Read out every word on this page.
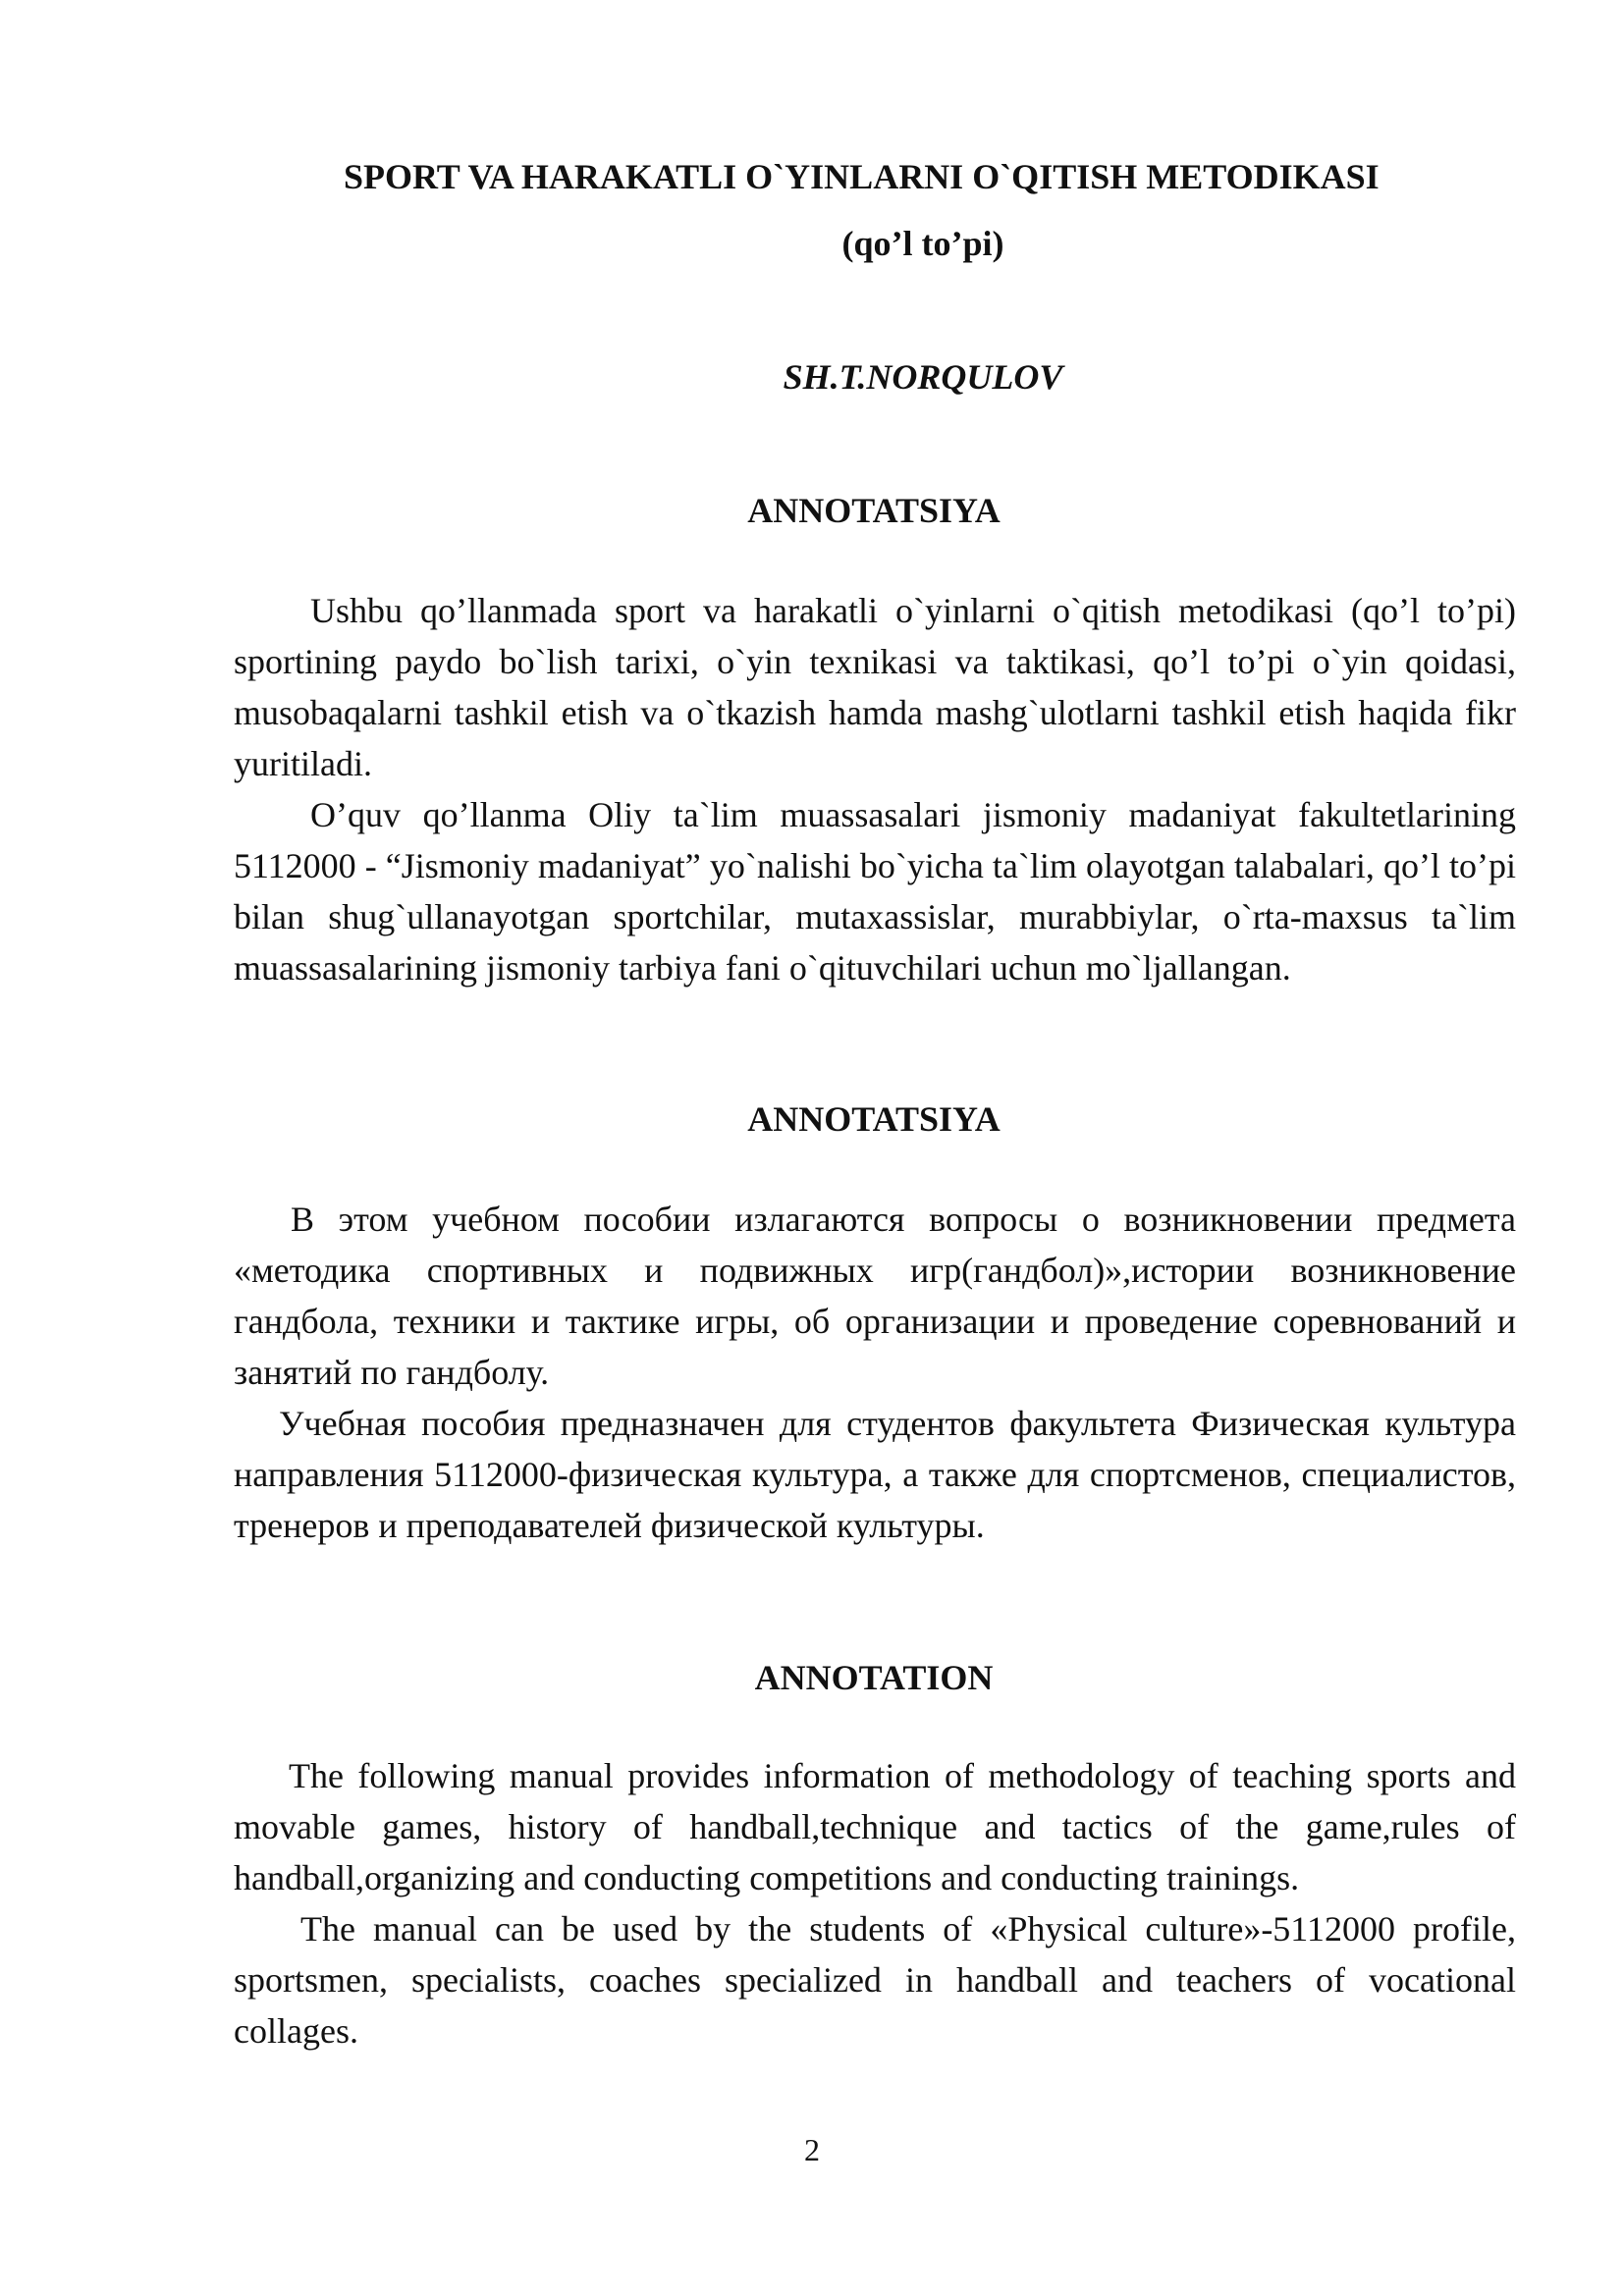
SPORT VA HARAKATLI O`YINLARNI O`QITISH METODIKASI
(qo’l to’pi)
SH.T.NORQULOV
ANNOTATSIYA

Ushbu qo’llanmada sport va harakatli o`yinlarni o`qitish metodikasi (qo’l to’pi) sportining paydo bo`lish tarixi, o`yin texnikasi va taktikasi, qo’l to’pi o`yin qoidasi, musobaqalarni tashkil etish va o`tkazish hamda mashg`ulotlarni tashkil etish haqida fikr yuritiladi.

O’quv qo’llanma Oliy ta`lim muassasalari jismoniy madaniyat fakultetlarining 5112000 - “Jismoniy madaniyat” yo`nalishi bo`yicha ta`lim olayotgan talabalari, qo’l to’pi bilan shug`ullanayotgan sportchilar, mutaxassislar, murabbiylar, o`rta-maxsus ta`lim muassasalarining jismoniy tarbiya fani o`qituvchilari uchun mo`ljallangan.

ANNOTATSIYA

В этом учебном пособии излагаются вопросы о возникновении предмета «методика спортивных и подвижных игр(гандбол)»,истории возникновение гандбола, техники и тактике игры, об организации и проведение соревнований и занятий по гандболу.

Учебная пособия предназначен для студентов факультета Физическая культура направления 5112000-физическая культура, а также для спортсменов, специалистов, тренеров и преподавателей физической культуры.

ANNOTATION

The following manual provides information of methodology of teaching sports and movable games, history of handball,technique and tactics of the game,rules of handball,organizing and conducting competitions and conducting trainings.

The manual can be used by the students of «Physical culture»-5112000 profile, sportsmen, specialists, coaches specialized in handball and teachers of vocational collages.

2
